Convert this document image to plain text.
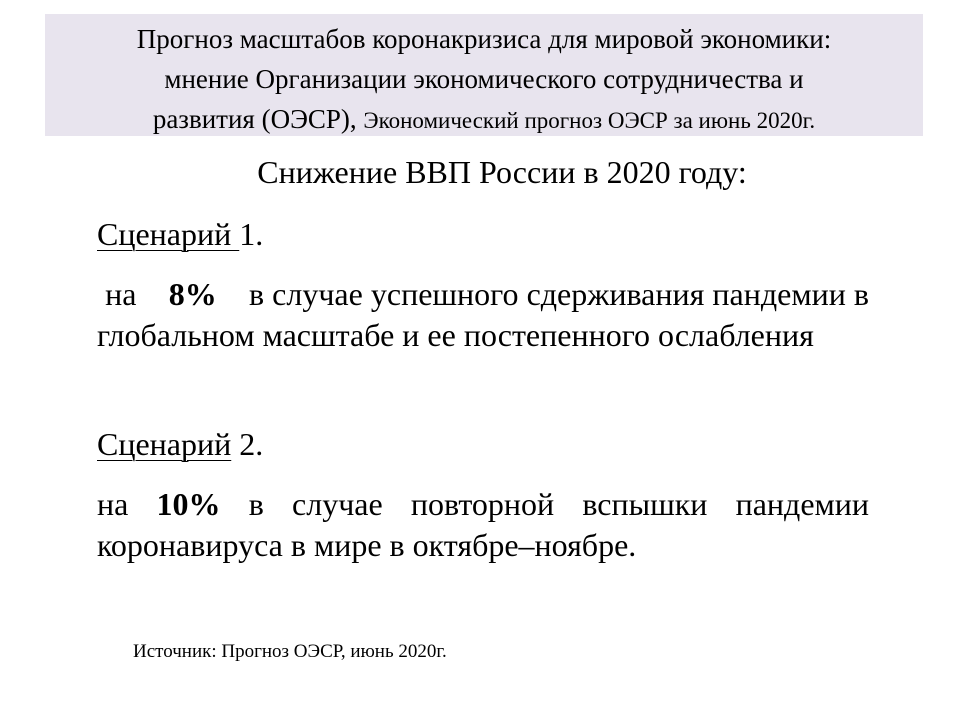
Прогноз масштабов коронакризиса для мировой экономики:
мнение Организации экономического сотрудничества и
развития (ОЭСР), Экономический прогноз ОЭСР за июнь 2020г.
Снижение ВВП России в 2020 году:
Сценарий 1.
на 8% в случае успешного сдерживания пандемии в глобальном масштабе и ее постепенного ослабления
Сценарий 2.
на 10% в случае повторной вспышки пандемии коронавируса в мире в октябре–ноябре.
Источник: Прогноз ОЭСР, июнь 2020г.
